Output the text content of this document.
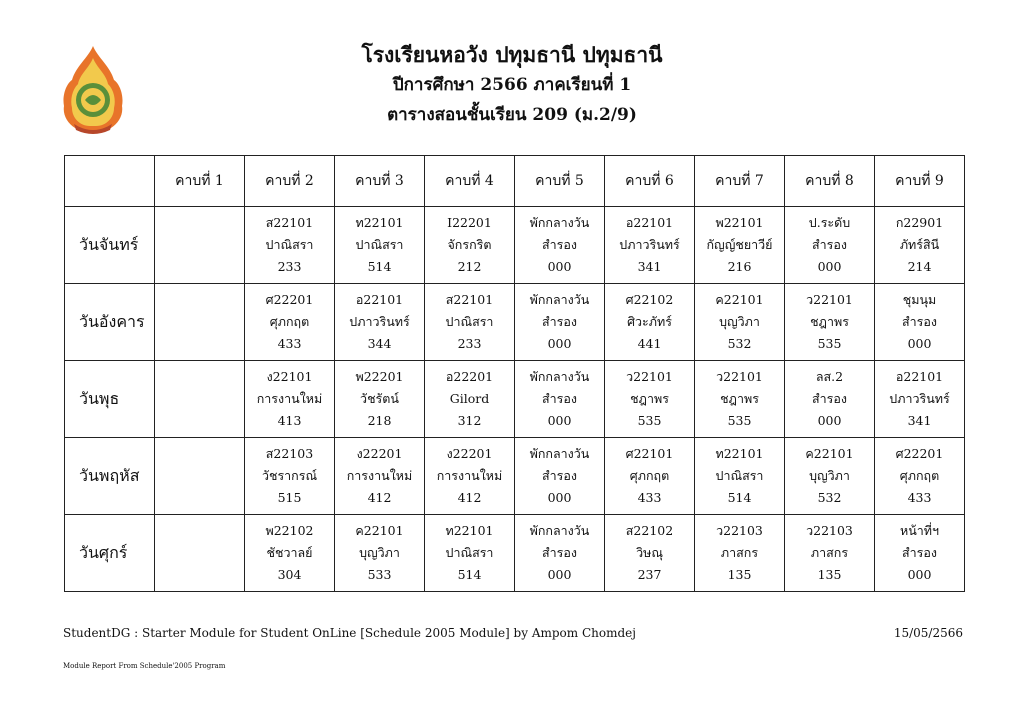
โรงเรียนหอวัง ปทุมธานี ปทุมธานี
ปีการศึกษา 2566 ภาคเรียนที่ 1
ตารางสอนชั้นเรียน 209 (ม.2/9)
	คาบที่ 1	คาบที่ 2	คาบที่ 3	คาบที่ 4	คาบที่ 5	คาบที่ 6	คาบที่ 7	คาบที่ 8	คาบที่ 9
วันจันทร์		ส22101
ปาณิสรา
233	ท22101
ปาณิสรา
514	I22201
จักรกริต
212	พักกลางวัน
สำรอง
000	อ22101
ปภาวรินทร์
341	พ22101
กัญญ์ชยาวีย์
216	ป.ระดับ
สำรอง
000	ก22901
ภัทร์สินี
214

วันอังคาร		ศ22201
ศุภกฤต
433	อ22101
ปภาวรินทร์
344	ส22101
ปาณิสรา
233	พักกลางวัน
สำรอง
000	ศ22102
ศิวะภัทร์
441	ค22101
บุญวิภา
532	ว22101
ชฎาพร
535	ชุมนุม
สำรอง
000

วันพุธ		ง22101
การงานใหม่
413	พ22201
วัชรัตน์
218	อ22201
Gilord
312	พักกลางวัน
สำรอง
000	ว22101
ชฎาพร
535	ว22101
ชฎาพร
535	ลส.2
สำรอง
000	อ22101
ปภาวรินทร์
341

วันพฤหัส		ส22103
วัชรากรณ์
515	ง22201
การงานใหม่
412	ง22201
การงานใหม่
412	พักกลางวัน
สำรอง
000	ศ22101
ศุภกฤต
433	ท22101
ปาณิสรา
514	ค22101
บุญวิภา
532	ศ22201
ศุภกฤต
433

วันศุกร์		พ22102
ชัชวาลย์
304	ค22101
บุญวิภา
533	ท22101
ปาณิสรา
514	พักกลางวัน
สำรอง
000	ส22102
วิษณุ
237	ว22103
ภาสกร
135	ว22103
ภาสกร
135	หน้าที่ฯ
สำรอง
000
StudentDG : Starter Module for Student OnLine [Schedule 2005 Module] by Ampom Chomdej	15/05/2566
Module Report From Schedule'2005 Program
